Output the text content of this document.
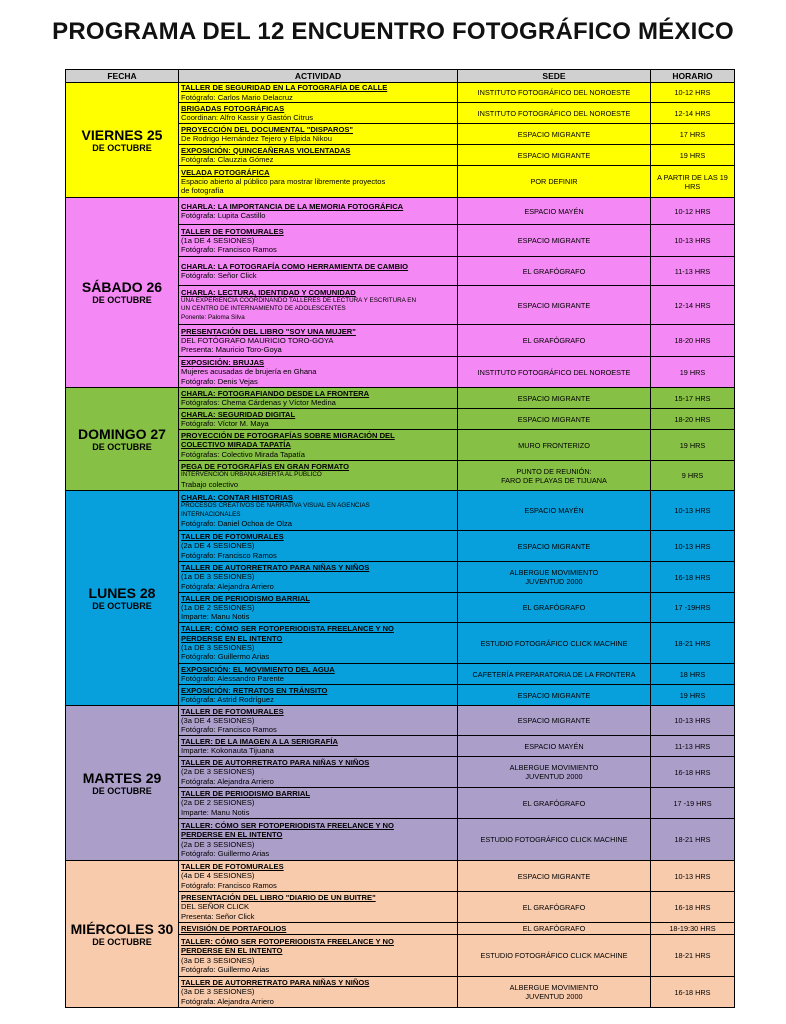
PROGRAMA DEL 12 ENCUENTRO FOTOGRÁFICO MÉXICO
FECHA	ACTIVIDAD	SEDE	HORARIO

VIERNES 25
DE OCTUBRE	TALLER DE SEGURIDAD EN LA FOTOGRAFÍA DE CALLE
Fotógrafo: Carlos Mario Delacruz	INSTITUTO FOTOGRÁFICO DEL NOROESTE	10-12 HRS

	BRIGADAS FOTOGRÁFICAS
Coordinan: Alfro Kassir y Gastón Citrus	INSTITUTO FOTOGRÁFICO DEL NOROESTE	12-14 HRS

	PROYECCIÓN DEL DOCUMENTAL "DISPAROS"
De Rodrigo Hernández Tejero y Elpida Nikou	ESPACIO MIGRANTE	17 HRS

	EXPOSICIÓN: QUINCEAÑERAS VIOLENTADAS
Fotógrafa: Clauzzia Gómez	ESPACIO MIGRANTE	19 HRS

	VELADA FOTOGRÁFICA
Espacio abierto al público para mostrar libremente proyectos
de fotografía	POR DEFINIR	A PARTIR DE LAS 19 HRS

SÁBADO 26
DE OCTUBRE	CHARLA: LA IMPORTANCIA DE LA MEMORIA FOTOGRÁFICA
Fotógrafa: Lupita Castillo	ESPACIO MAYÉN	10-12 HRS

	TALLER DE FOTOMURALES
(1a DE 4 SESIONES)
Fotógrafo: Francisco Ramos	ESPACIO MIGRANTE	10-13 HRS

	CHARLA: LA FOTOGRAFÍA COMO HERRAMIENTA DE CAMBIO
Fotógrafo: Señor Click	EL GRAFÓGRAFO	11-13 HRS

	CHARLA: LECTURA, IDENTIDAD Y COMUNIDAD
UNA EXPERIENCIA COORDINANDO TALLERES DE LECTURA Y ESCRITURA EN
UN CENTRO DE INTERNAMIENTO DE ADOLESCENTES
Ponente: Paloma Silva	ESPACIO MIGRANTE	12-14 HRS

	PRESENTACIÓN DEL LIBRO "SOY UNA MUJER"
DEL FOTÓGRAFO MAURICIO TORO-GOYA
Presenta: Mauricio Toro-Goya	EL GRAFÓGRAFO	18-20 HRS

	EXPOSICIÓN: BRUJAS
Mujeres acusadas de brujería en Ghana
Fotógrafo: Denis Vejas	INSTITUTO FOTOGRÁFICO DEL NOROESTE	19 HRS

DOMINGO 27
DE OCTUBRE	CHARLA: FOTOGRAFIANDO DESDE LA FRONTERA
Fotógrafos: Chema Cárdenas y Víctor Medina	ESPACIO MIGRANTE	15-17 HRS

	CHARLA: SEGURIDAD DIGITAL
Fotógrafo: Víctor M. Maya	ESPACIO MIGRANTE	18-20 HRS

	PROYECCIÓN DE FOTOGRAFÍAS SOBRE MIGRACIÓN DEL
COLECTIVO MIRADA TAPATÍA
Fotógrafas: Colectivo Mirada Tapatía	MURO FRONTERIZO	19 HRS

	PEGA DE FOTOGRAFÍAS EN GRAN FORMATO
INTERVENCIÓN URBANA ABIERTA AL PÚBLICO
Trabajo colectivo	PUNTO DE REUNIÓN:
FARO DE PLAYAS DE TIJUANA	9 HRS

LUNES 28
DE OCTUBRE	CHARLA: CONTAR HISTORIAS
PROCESOS CREATIVOS DE NARRATIVA VISUAL EN AGENCIAS
INTERNACIONALES
Fotógrafo: Daniel Ochoa de Olza	ESPACIO MAYÉN	10-13 HRS

	TALLER DE FOTOMURALES
(2a DE 4 SESIONES)
Fotógrafo: Francisco Ramos	ESPACIO MIGRANTE	10-13 HRS

	TALLER DE AUTORRETRATO PARA NIÑAS Y NIÑOS
(1a DE 3 SESIONES)
Fotógrafa: Alejandra Arriero	ALBERGUE MOVIMIENTO
JUVENTUD 2000	16-18 HRS

	TALLER DE PERIODISMO BARRIAL
(1a DE 2 SESIONES)
Imparte: Manu Notis	EL GRAFÓGRAFO	17 -19HRS

	TALLER: CÓMO SER FOTOPERIODISTA FREELANCE Y NO
PERDERSE EN EL INTENTO
(1a DE 3 SESIONES)
Fotógrafo: Guillermo Arias	ESTUDIO FOTOGRÁFICO CLICK MACHINE	18-21 HRS

	EXPOSICIÓN: EL MOVIMIENTO DEL AGUA
Fotógrafo: Alessandro Parente	CAFETERÍA PREPARATORIA DE LA FRONTERA	18 HRS

	EXPOSICIÓN: RETRATOS EN TRÁNSITO
Fotógrafa: Astrid Rodríguez	ESPACIO MIGRANTE	19 HRS

MARTES 29
DE OCTUBRE	TALLER DE FOTOMURALES
(3a DE 4 SESIONES)
Fotógrafo: Francisco Ramos	ESPACIO MIGRANTE	10-13 HRS

	TALLER: DE LA IMAGEN A LA SERIGRAFÍA
Imparte: Kokonauta Tijuana	ESPACIO MAYÉN	11-13 HRS

	TALLER DE AUTORRETRATO PARA NIÑAS Y NIÑOS
(2a DE 3 SESIONES)
Fotógrafa: Alejandra Arriero	ALBERGUE MOVIMIENTO
JUVENTUD 2000	16-18 HRS

	TALLER DE PERIODISMO BARRIAL
(2a DE 2 SESIONES)
Imparte: Manu Notis	EL GRAFÓGRAFO	17 -19 HRS

	TALLER: CÓMO SER FOTOPERIODISTA FREELANCE Y NO
PERDERSE EN EL INTENTO
(2a DE 3 SESIONES)
Fotógrafo: Guillermo Arias	ESTUDIO FOTOGRÁFICO CLICK MACHINE	18-21 HRS

MIÉRCOLES 30
DE OCTUBRE	TALLER DE FOTOMURALES
(4a DE 4 SESIONES)
Fotógrafo: Francisco Ramos	ESPACIO MIGRANTE	10-13 HRS

	PRESENTACIÓN DEL LIBRO "DIARIO DE UN BUITRE"
DEL SEÑOR CLICK
Presenta: Señor Click	EL GRAFÓGRAFO	16-18 HRS

	REVISIÓN DE PORTAFOLIOS	EL GRAFÓGRAFO	18-19:30 HRS

	TALLER: CÓMO SER FOTOPERIODISTA FREELANCE Y NO
PERDERSE EN EL INTENTO
(3a DE 3 SESIONES)
Fotógrafo: Guillermo Arias	ESTUDIO FOTOGRÁFICO CLICK MACHINE	18-21 HRS

	TALLER DE AUTORRETRATO PARA NIÑAS Y NIÑOS
(3a DE 3 SESIONES)
Fotógrafa: Alejandra Arriero	ALBERGUE MOVIMIENTO
JUVENTUD 2000	16-18 HRS
